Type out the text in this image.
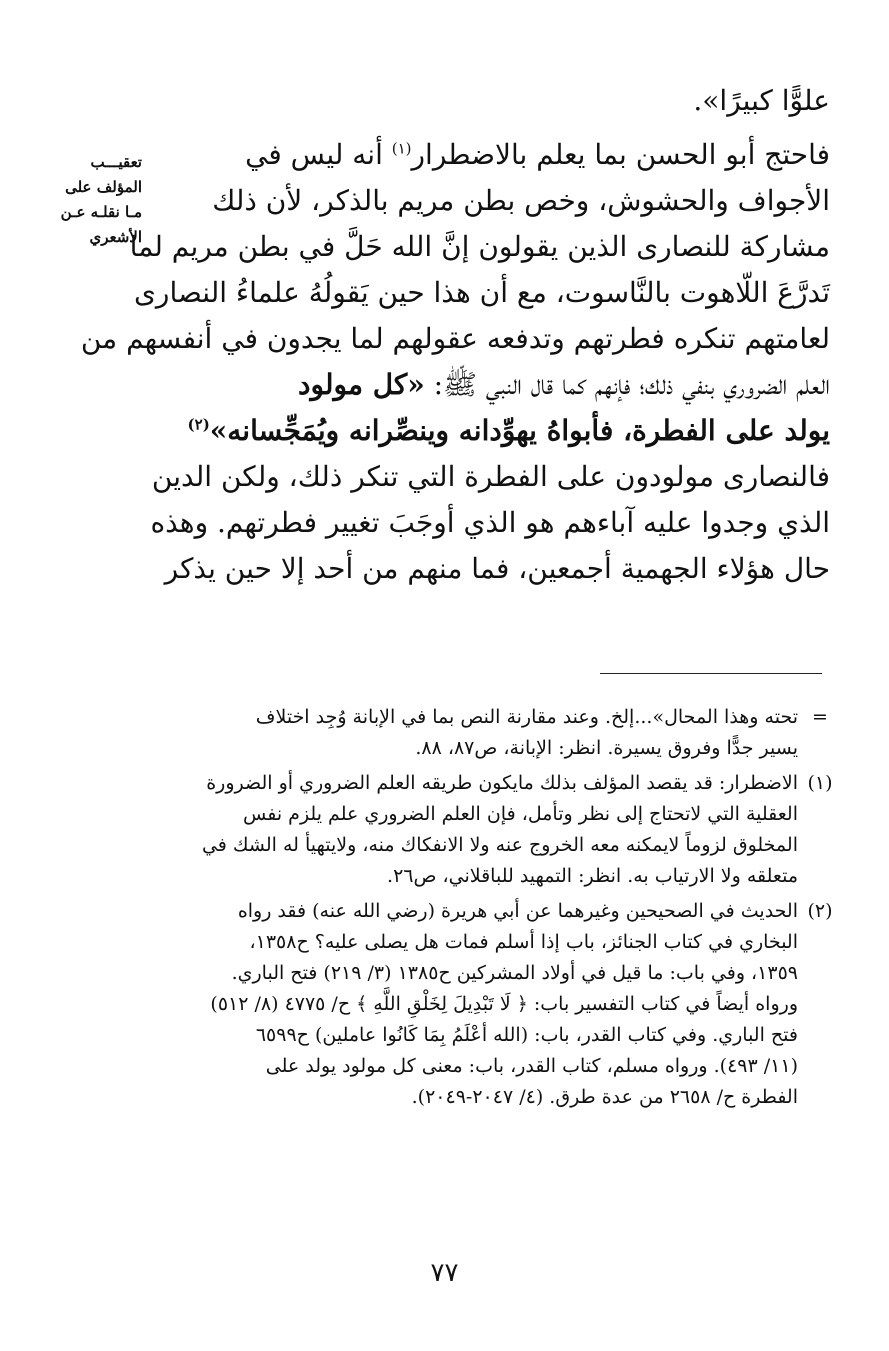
علوًّا كبيرًا».
فاحتج أبو الحسن بما يعلم بالاضطرار$^{(١)}$ أنه ليس في
الأجواف والحشوش، وخص بطن مريم بالذكر، لأن ذلك
مشاركة للنصارى الذين يقولون إنَّ الله حَلَّ في بطن مريم لما
تَدرَّعَ اللّاهوت بالنَّاسوت، مع أن هذا حين يَقولُهُ علماءُ النصارى
لعامتهم تنكره فطرتهم وتدفعه عقولهم لما يجدون في أنفسهم من
العلم الضروري بنفي ذلك؛ فإنهم كما قال النبي ﷺ: «كل مولود
يولد على الفطرة، فأبواهُ يهوِّدانه وينصِّرانه ويُمَجِّسانه»$^{(٢)}$
فالنصارى مولودون على الفطرة التي تنكر ذلك، ولكن الدين
الذي وجدوا عليه آباءهم هو الذي أوجَبَ تغيير فطرتهم. وهذه
حال هؤلاء الجهمية أجمعين، فما منهم من أحد إلا حين يذكر
تعقيـــب
المؤلف على
مـا نقلـه عـن
الأشعري
=
تحته وهذا المحال»...إلخ. وعند مقارنة النص بما في الإبانة وُجِد اختلاف
يسير جدًّا وفروق يسيرة. انظر: الإبانة، ص٨٧، ٨٨.
(١)
الاضطرار: قد يقصد المؤلف بذلك مايكون طريقه العلم الضروري أو الضرورة
العقلية التي لاتحتاج إلى نظر وتأمل، فإن العلم الضروري علم يلزم نفس
المخلوق لزوماً لايمكنه معه الخروج عنه ولا الانفكاك منه، ولايتهيأ له الشك في
متعلقه ولا الارتياب به. انظر: التمهيد للباقلاني، ص٢٦.
(٢)
الحديث في الصحيحين وغيرهما عن أبي هريرة (رضي الله عنه) فقد رواه
البخاري في كتاب الجنائز، باب إذا أسلم فمات هل يصلى عليه؟ ح١٣٥٨،
١٣٥٩، وفي باب: ما قيل في أولاد المشركين ح١٣٨٥ (٣/ ٢١٩) فتح الباري.
ورواه أيضاً في كتاب التفسير باب: ﴿ لَا تَبْدِيلَ لِخَلْقِ اللَّهِ ﴾ ح/ ٤٧٧٥ (٨/ ٥١٢)
فتح الباري. وفي كتاب القدر، باب: (الله أعْلَمُ بِمَا كَانُوا عاملين) ح٦٥٩٩
(١١/ ٤٩٣). ورواه مسلم، كتاب القدر، باب: معنى كل مولود يولد على
الفطرة ح/ ٢٦٥٨ من عدة طرق. (٤/ ٢٠٤٧-٢٠٤٩).
٧٧
